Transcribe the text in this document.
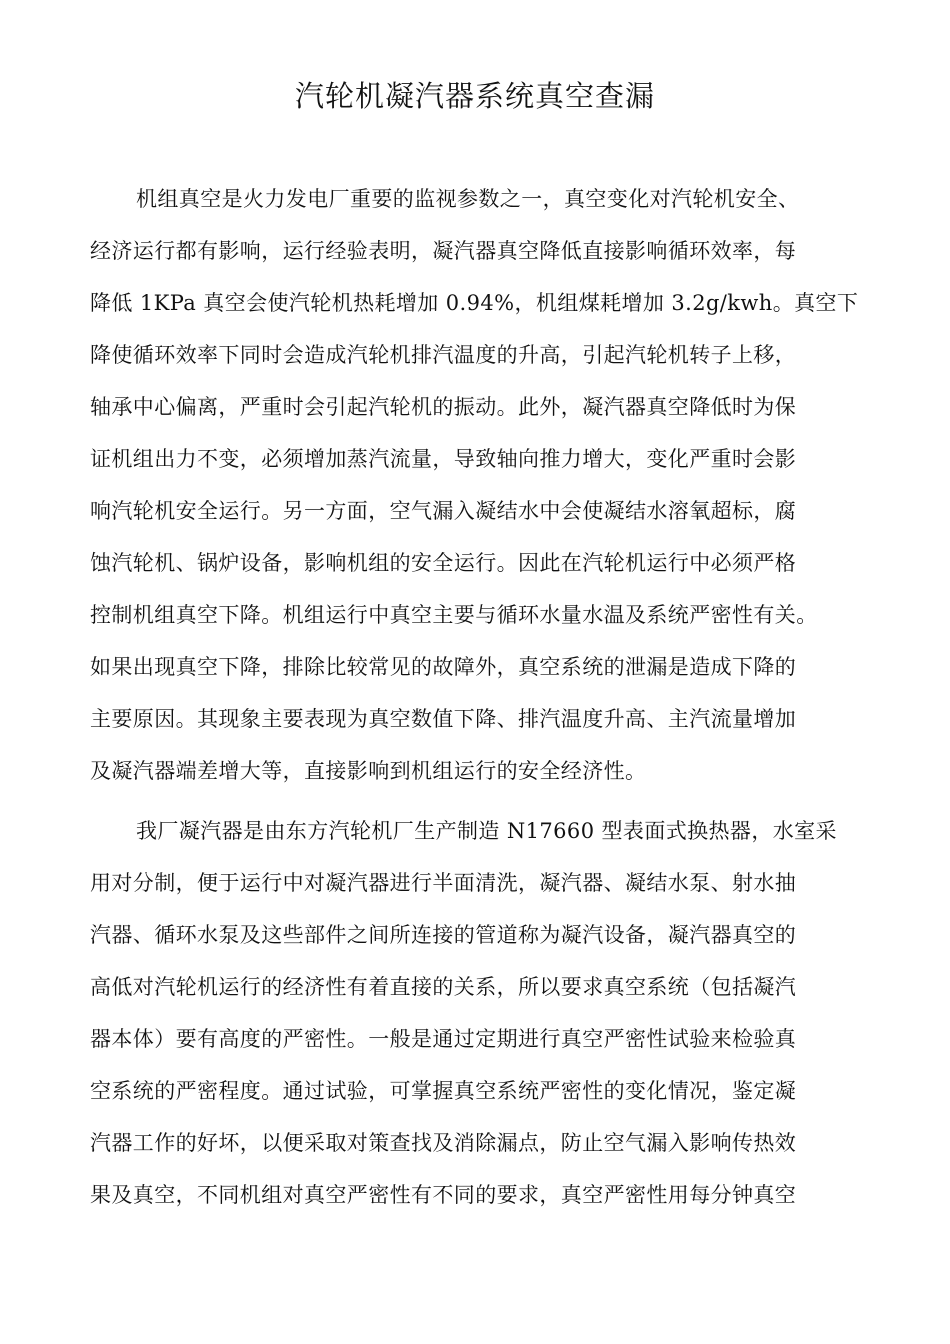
汽轮机凝汽器系统真空查漏
机组真空是火力发电厂重要的监视参数之一，真空变化对汽轮机安全、
经济运行都有影响，运行经验表明，凝汽器真空降低直接影响循环效率，每
降低 1KPa 真空会使汽轮机热耗增加 0.94%，机组煤耗增加 3.2g/kwh。真空下
降使循环效率下同时会造成汽轮机排汽温度的升高，引起汽轮机转子上移，
轴承中心偏离，严重时会引起汽轮机的振动。此外，凝汽器真空降低时为保
证机组出力不变，必须增加蒸汽流量，导致轴向推力增大，变化严重时会影
响汽轮机安全运行。另一方面，空气漏入凝结水中会使凝结水溶氧超标，腐
蚀汽轮机、锅炉设备，影响机组的安全运行。因此在汽轮机运行中必须严格
控制机组真空下降。机组运行中真空主要与循环水量水温及系统严密性有关。
如果出现真空下降，排除比较常见的故障外，真空系统的泄漏是造成下降的
主要原因。其现象主要表现为真空数值下降、排汽温度升高、主汽流量增加
及凝汽器端差增大等，直接影响到机组运行的安全经济性。
我厂凝汽器是由东方汽轮机厂生产制造 N17660 型表面式换热器，水室采
用对分制，便于运行中对凝汽器进行半面清洗，凝汽器、凝结水泵、射水抽
汽器、循环水泵及这些部件之间所连接的管道称为凝汽设备，凝汽器真空的
高低对汽轮机运行的经济性有着直接的关系，所以要求真空系统（包括凝汽
器本体）要有高度的严密性。一般是通过定期进行真空严密性试验来检验真
空系统的严密程度。通过试验，可掌握真空系统严密性的变化情况，鉴定凝
汽器工作的好坏，以便采取对策查找及消除漏点，防止空气漏入影响传热效
果及真空，不同机组对真空严密性有不同的要求，真空严密性用每分钟真空
